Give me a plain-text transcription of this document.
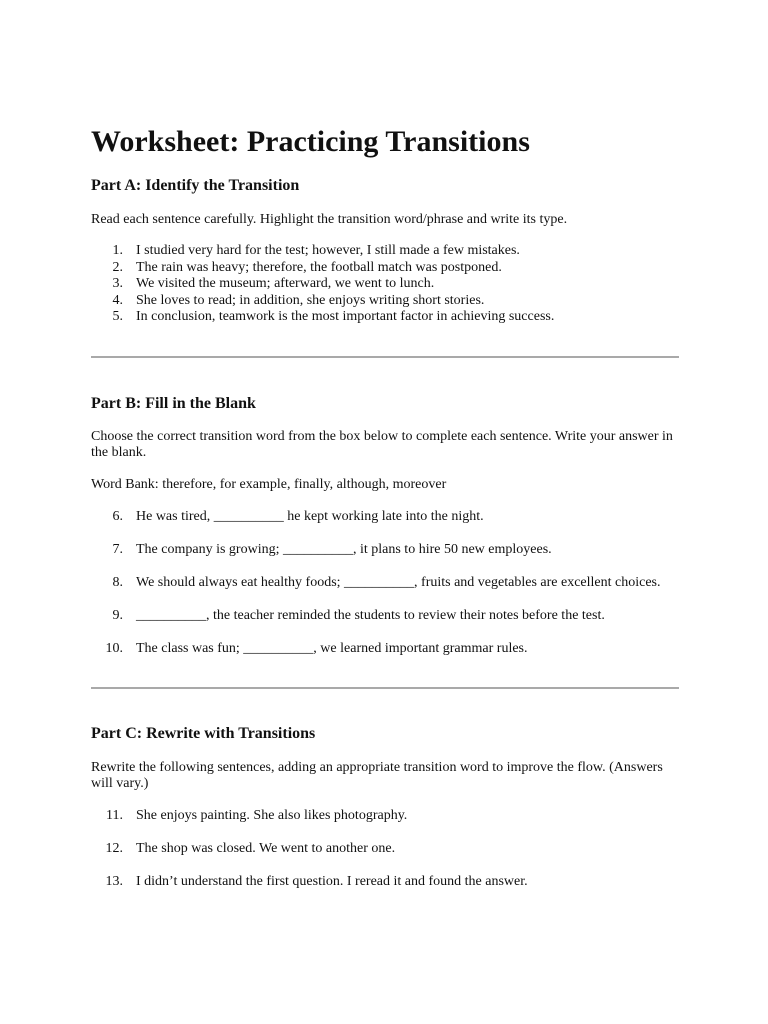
Worksheet: Practicing Transitions
Part A: Identify the Transition

Read each sentence carefully. Highlight the transition word/phrase and write its type.

1. I studied very hard for the test; however, I still made a few mistakes.
2. The rain was heavy; therefore, the football match was postponed.
3. We visited the museum; afterward, we went to lunch.
4. She loves to read; in addition, she enjoys writing short stories.
5. In conclusion, teamwork is the most important factor in achieving success.
Part B: Fill in the Blank

Choose the correct transition word from the box below to complete each sentence. Write your answer in the blank.

Word Bank: therefore, for example, finally, although, moreover

6. He was tired, __________ he kept working late into the night.
7. The company is growing; __________, it plans to hire 50 new employees.
8. We should always eat healthy foods; __________, fruits and vegetables are excellent choices.
9. __________, the teacher reminded the students to review their notes before the test.
10. The class was fun; __________, we learned important grammar rules.
Part C: Rewrite with Transitions

Rewrite the following sentences, adding an appropriate transition word to improve the flow. (Answers will vary.)

11. She enjoys painting. She also likes photography.
12. The shop was closed. We went to another one.
13. I didn’t understand the first question. I reread it and found the answer.
